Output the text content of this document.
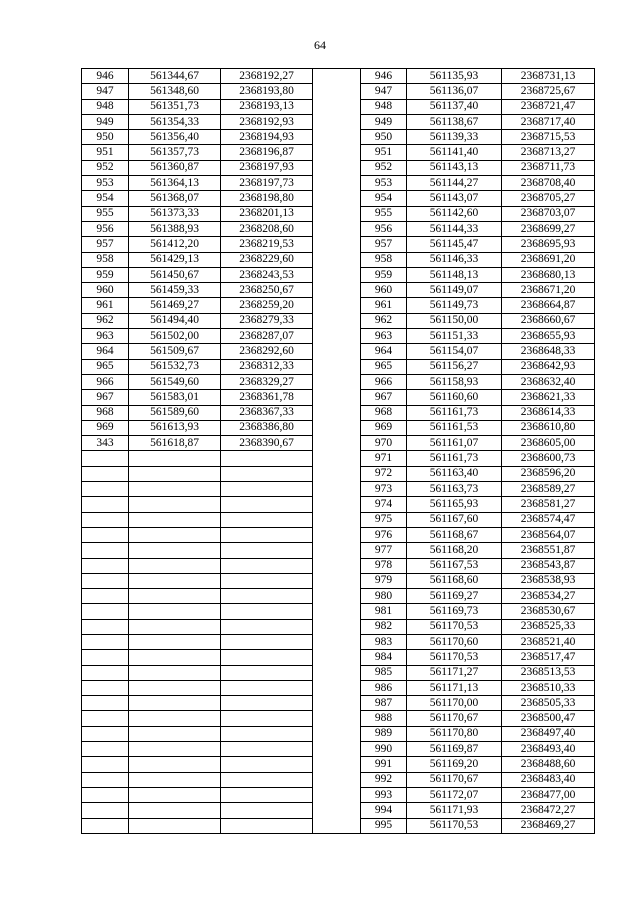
64
946	561344,67	2368192,27		946	561135,93	2368731,13
947	561348,60	2368193,80		947	561136,07	2368725,67
948	561351,73	2368193,13		948	561137,40	2368721,47
949	561354,33	2368192,93		949	561138,67	2368717,40
950	561356,40	2368194,93		950	561139,33	2368715,53
951	561357,73	2368196,87		951	561141,40	2368713,27
952	561360,87	2368197,93		952	561143,13	2368711,73
953	561364,13	2368197,73		953	561144,27	2368708,40
954	561368,07	2368198,80		954	561143,07	2368705,27
955	561373,33	2368201,13		955	561142,60	2368703,07
956	561388,93	2368208,60		956	561144,33	2368699,27
957	561412,20	2368219,53		957	561145,47	2368695,93
958	561429,13	2368229,60		958	561146,33	2368691,20
959	561450,67	2368243,53		959	561148,13	2368680,13
960	561459,33	2368250,67		960	561149,07	2368671,20
961	561469,27	2368259,20		961	561149,73	2368664,87
962	561494,40	2368279,33		962	561150,00	2368660,67
963	561502,00	2368287,07		963	561151,33	2368655,93
964	561509,67	2368292,60		964	561154,07	2368648,33
965	561532,73	2368312,33		965	561156,27	2368642,93
966	561549,60	2368329,27		966	561158,93	2368632,40
967	561583,01	2368361,78		967	561160,60	2368621,33
968	561589,60	2368367,33		968	561161,73	2368614,33
969	561613,93	2368386,80		969	561161,53	2368610,80
343	561618,87	2368390,67		970	561161,07	2368605,00
				971	561161,73	2368600,73
				972	561163,40	2368596,20
				973	561163,73	2368589,27
				974	561165,93	2368581,27
				975	561167,60	2368574,47
				976	561168,67	2368564,07
				977	561168,20	2368551,87
				978	561167,53	2368543,87
				979	561168,60	2368538,93
				980	561169,27	2368534,27
				981	561169,73	2368530,67
				982	561170,53	2368525,33
				983	561170,60	2368521,40
				984	561170,53	2368517,47
				985	561171,27	2368513,53
				986	561171,13	2368510,33
				987	561170,00	2368505,33
				988	561170,67	2368500,47
				989	561170,80	2368497,40
				990	561169,87	2368493,40
				991	561169,20	2368488,60
				992	561170,67	2368483,40
				993	561172,07	2368477,00
				994	561171,93	2368472,27
				995	561170,53	2368469,27
